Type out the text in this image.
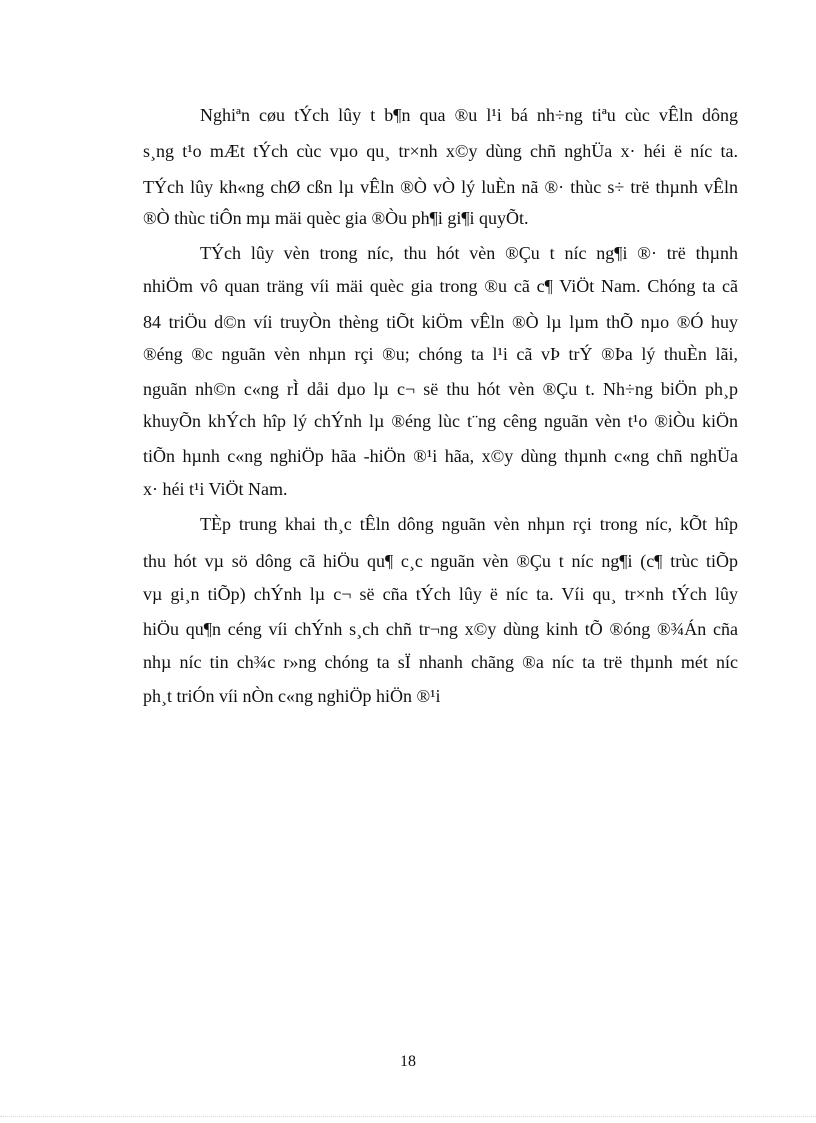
Nghiªn cøu tÝch lûy t b¶n qua ®u l¹i bá nh÷ng tiªu cùc vÊln dông
s¸ng t¹o mÆt tÝch cùc vµo qu¸ tr×nh x©y dùng chñ nghÜa x· héi ë níc ta.
TÝch lûy kh«ng chØ cßn lµ vÊln ®Ò vÒ lý luÈn nã ®· thùc s÷ trë thµnh vÊln
®Ò thùc tiÔn mµ mäi quèc gia ®Òu ph¶i gi¶i quyÕt.
TÝch lûy vèn trong níc, thu hót vèn ®Çu t níc ng¶i ®· trë thµnh
nhiÖm vô quan träng víi mäi quèc gia trong ®u cã c¶ ViÖt Nam. Chóng ta cã
84 triÖu d©n víi truyÒn thèng tiÕt kiÖm vÊln ®Ò lµ lµm thÕ nµo ®Ó huy
®éng ®c nguãn vèn nhµn rçi ®u; chóng ta l¹i cã vÞ trÝ ®Þa lý thuÈn lãi,
nguãn nh©n c«ng rÌ dåi dµo lµ c¬ së thu hót vèn ®Çu t. Nh÷ng biÖn ph¸p
khuyÕn khÝch hîp lý chÝnh lµ ®éng lùc t¨ng cêng nguãn vèn t¹o ®iÒu kiÖn
tiÕn hµnh c«ng nghiÖp hãa -hiÖn ®¹i hãa, x©y dùng thµnh c«ng chñ nghÜa
x· héi t¹i ViÖt Nam.
TÈp trung khai th¸c tÊln dông nguãn vèn nhµn rçi trong níc, kÕt hîp
thu hót vµ sö dông cã hiÖu qu¶ c¸c nguãn vèn ®Çu t níc ng¶i (c¶ trùc tiÕp
vµ gi¸n tiÕp) chÝnh lµ c¬ së cña tÝch lûy ë níc ta. Víi qu¸ tr×nh tÝch lûy
hiÖu qu¶n céng víi chÝnh s¸ch chñ tr¬ng x©y dùng kinh tÕ ®óng ®¾Án cña
nhµ níc tin ch¾c r»ng chóng ta sÏ nhanh chãng ®a níc ta trë thµnh mét níc
ph¸t triÓn víi nÒn c«ng nghiÖp hiÖn ®¹i
18
